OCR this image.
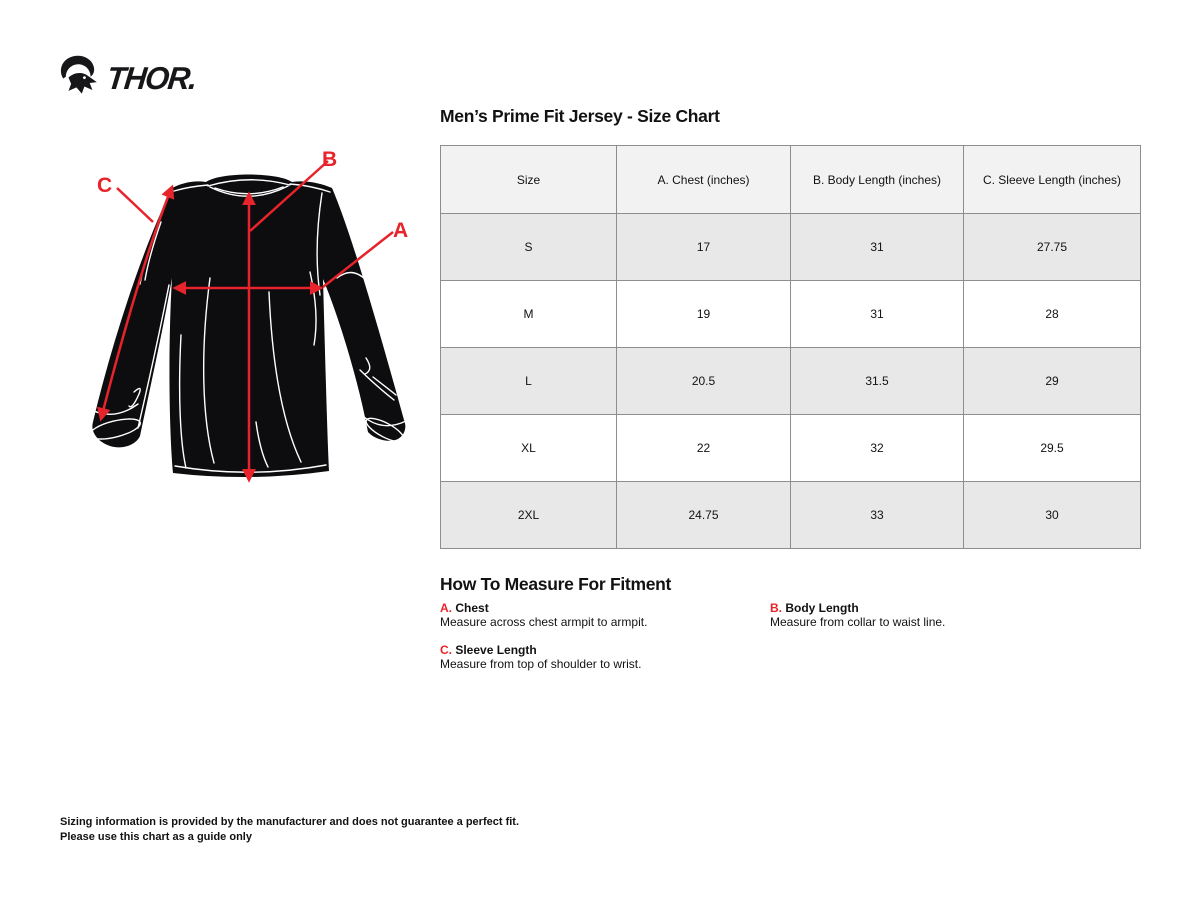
THOR.
B
A
C
Men’s Prime Fit Jersey - Size Chart
Size	A. Chest (inches)	B. Body Length (inches)	C. Sleeve Length (inches)
S	17	31	27.75
M	19	31	28
L	20.5	31.5	29
XL	22	32	29.5
2XL	24.75	33	30
How To Measure For Fitment
A. Chest
Measure across chest armpit to armpit.
B. Body Length
Measure from collar to waist line.
C. Sleeve Length
Measure from top of shoulder to wrist.
Sizing information is provided by the manufacturer and does not guarantee a perfect fit.
Please use this chart as a guide only
